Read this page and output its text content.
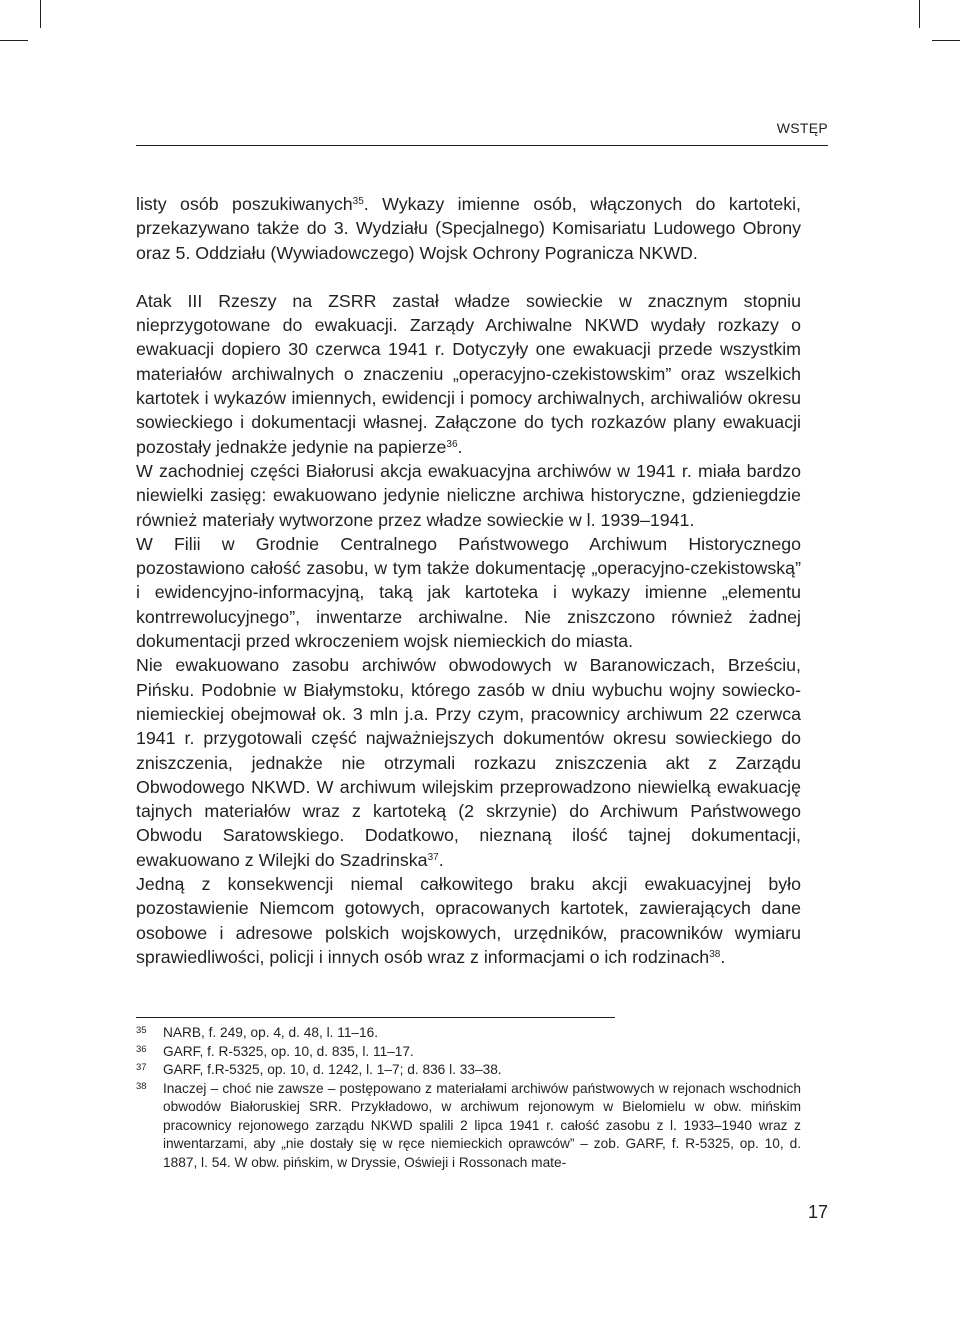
WSTĘP

listy osób poszukiwanych$^{35}$. Wykazy imienne osób, włączonych do kartoteki, przekazywano także do 3. Wydziału (Specjalnego) Komisariatu Ludowego Obrony oraz 5. Oddziału (Wywiadowczego) Wojsk Ochrony Pogranicza NKWD.

Atak III Rzeszy na ZSRR zastał władze sowieckie w znacznym stopniu nieprzygotowane do ewakuacji. Zarządy Archiwalne NKWD wydały rozkazy o ewakuacji dopiero 30 czerwca 1941 r. Dotyczyły one ewakuacji przede wszystkim materiałów archiwalnych o znaczeniu „operacyjno-czekistowskim” oraz wszelkich kartotek i wykazów imiennych, ewidencji i pomocy archiwalnych, archiwaliów okresu sowieckiego i dokumentacji własnej. Załączone do tych rozkazów plany ewakuacji pozostały jednakże jedynie na papierze$^{36}$.

W zachodniej części Białorusi akcja ewakuacyjna archiwów w 1941 r. miała bardzo niewielki zasięg: ewakuowano jedynie nieliczne archiwa historyczne, gdzieniegdzie również materiały wytworzone przez władze sowieckie w l. 1939–1941.

W Filii w Grodnie Centralnego Państwowego Archiwum Historycznego pozostawiono całość zasobu, w tym także dokumentację „operacyjno-czekistowską” i ewidencyjno-informacyjną, taką jak kartoteka i wykazy imienne „elementu kontrrewolucyjnego”, inwentarze archiwalne. Nie zniszczono również żadnej dokumentacji przed wkroczeniem wojsk niemieckich do miasta.

Nie ewakuowano zasobu archiwów obwodowych w Baranowiczach, Brześciu, Pińsku. Podobnie w Białymstoku, którego zasób w dniu wybuchu wojny sowiecko-niemieckiej obejmował ok. 3 mln j.a. Przy czym, pracownicy archiwum 22 czerwca 1941 r. przygotowali część najważniejszych dokumentów okresu sowieckiego do zniszczenia, jednakże nie otrzymali rozkazu zniszczenia akt z Zarządu Obwodowego NKWD. W archiwum wilejskim przeprowadzono niewielką ewakuację tajnych materiałów wraz z kartoteką (2 skrzynie) do Archiwum Państwowego Obwodu Saratowskiego. Dodatkowo, nieznaną ilość tajnej dokumentacji, ewakuowano z Wilejki do Szadrinska$^{37}$.

Jedną z konsekwencji niemal całkowitego braku akcji ewakuacyjnej było pozostawienie Niemcom gotowych, opracowanych kartotek, zawierających dane osobowe i adresowe polskich wojskowych, urzędników, pracowników wymiaru sprawiedliwości, policji i innych osób wraz z informacjami o ich rodzinach$^{38}$.

35	NARB, f. 249, op. 4, d. 48, l. 11–16.
36	GARF, f. R-5325, op. 10, d. 835, l. 11–17.
37	GARF, f.R-5325, op. 10, d. 1242, l. 1–7; d. 836 l. 33–38.
38	Inaczej – choć nie zawsze – postępowano z materiałami archiwów państwowych w rejonach wschodnich obwodów Białoruskiej SRR. Przykładowo, w archiwum rejonowym w Bielomielu w obw. mińskim pracownicy rejonowego zarządu NKWD spalili 2 lipca 1941 r. całość zasobu z l. 1933–1940 wraz z inwentarzami, aby „nie dostały się w ręce niemieckich oprawców” – zob. GARF, f. R-5325, op. 10, d. 1887, l. 54. W obw. pińskim, w Dryssie, Oświeji i Rossonach mate-
17
